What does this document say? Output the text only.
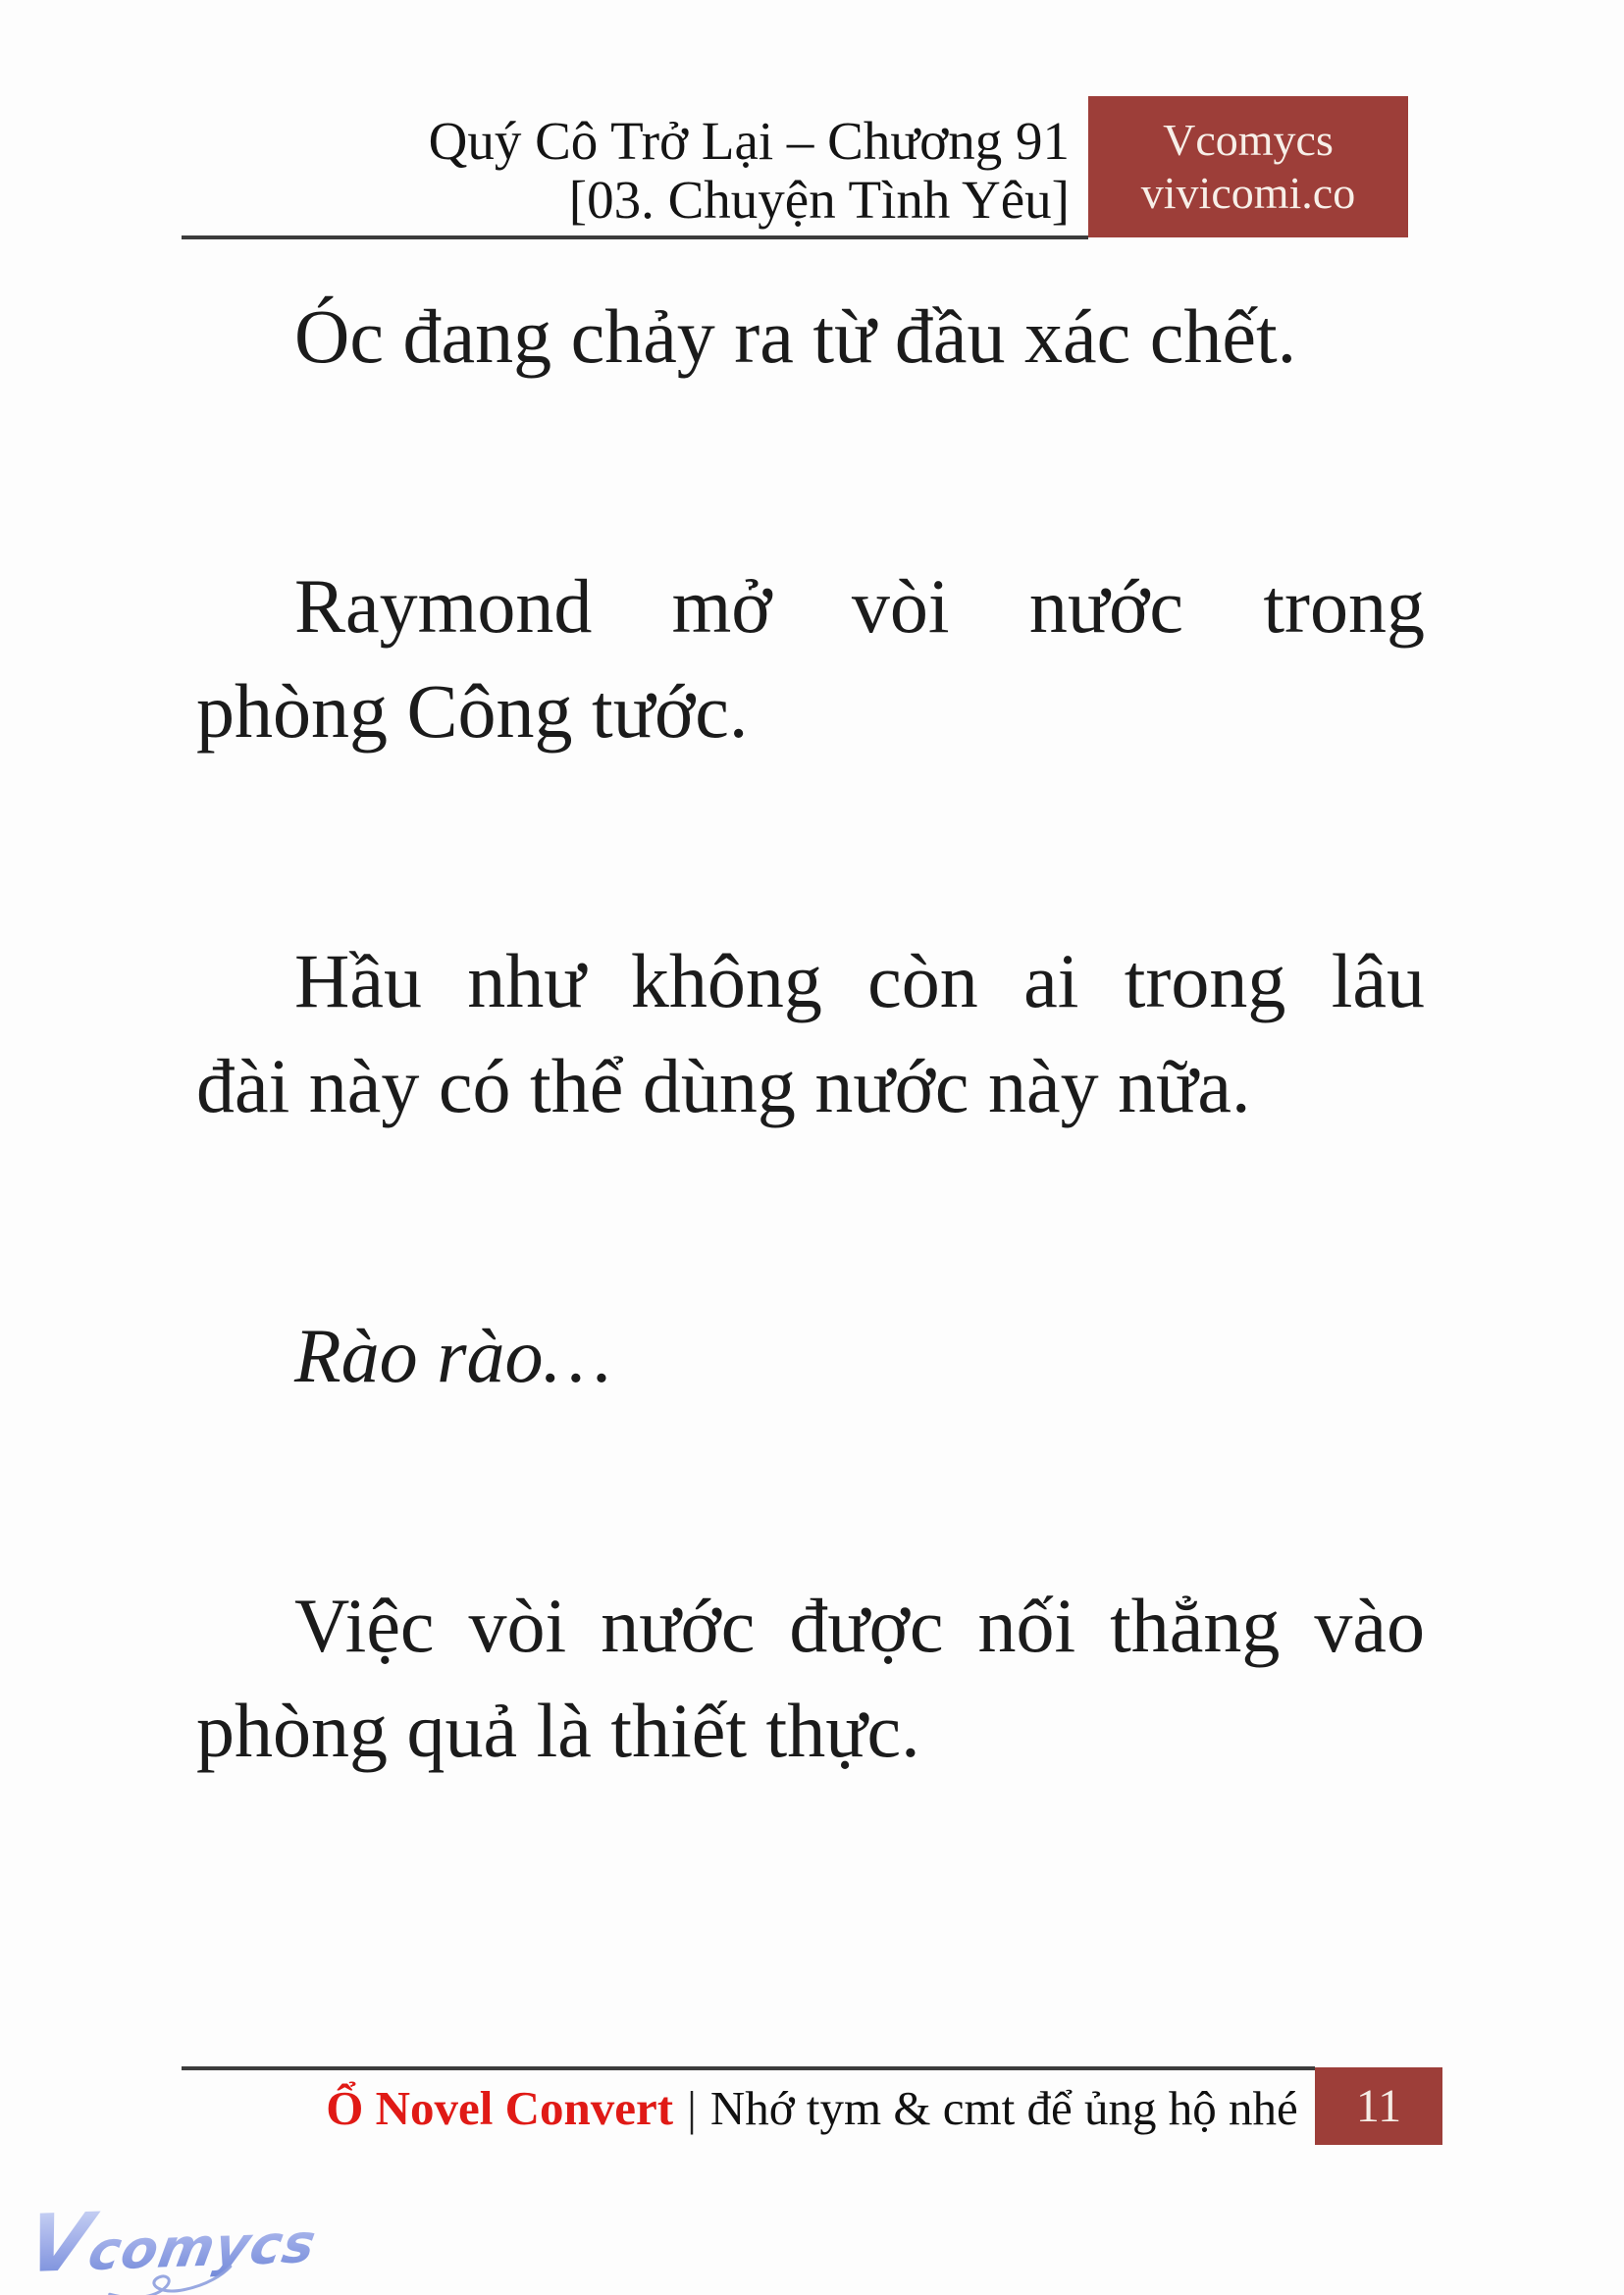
Quý Cô Trở Lại – Chương 91
[03. Chuyện Tình Yêu]
Vcomycs
vivicomi.co
Óc đang chảy ra từ đầu xác chết.
Raymond mở vòi nước trong
phòng Công tước.
Hầu như không còn ai trong lâu
đài này có thể dùng nước này nữa.
Rào rào…
Việc vòi nước được nối thẳng vào
phòng quả là thiết thực.
Ổ Novel Convert | Nhớ tym & cmt để ủng hộ nhé 11
Vcomycs
